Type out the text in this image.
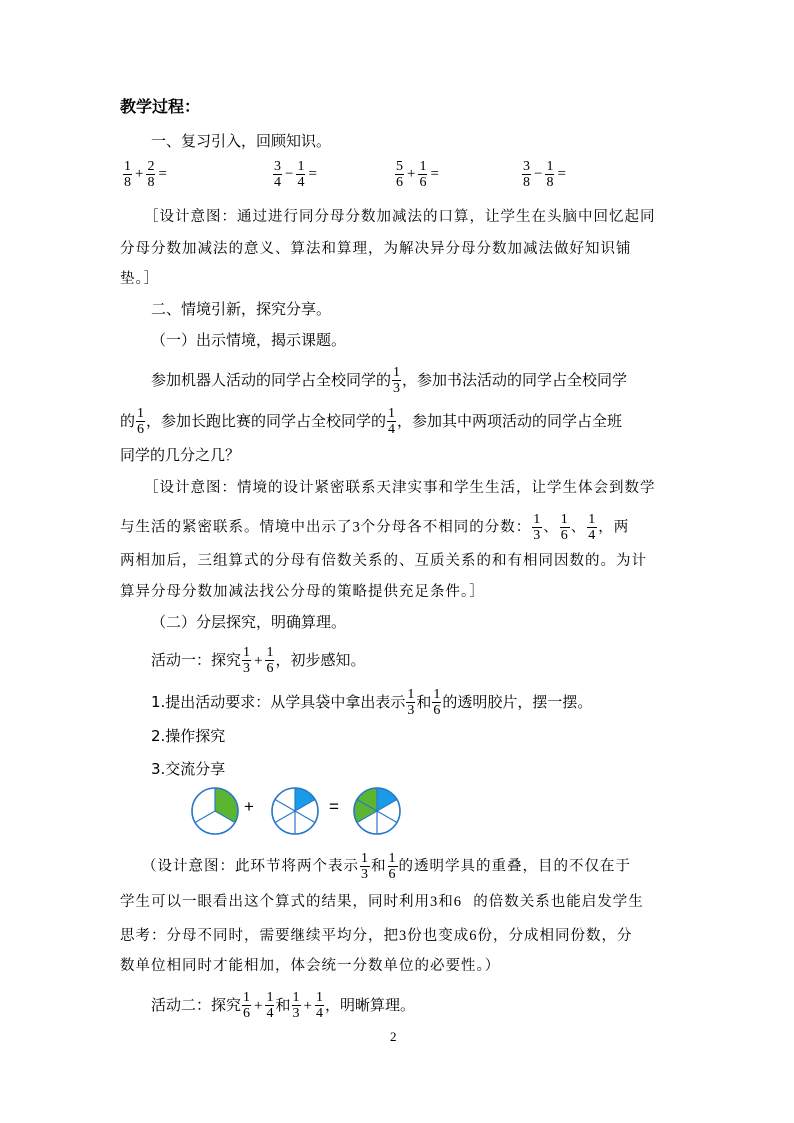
教学过程：
一、复习引入，回顾知识。
$\frac{1}{8} + \frac{2}{8}$ =	$\frac{3}{4} - \frac{1}{4}$ =	$\frac{5}{6} + \frac{1}{6}$ =	$\frac{3}{8} - \frac{1}{8}$ =
［设计意图：通过进行同分母分数加减法的口算，让学生在头脑中回忆起同
分母分数加减法的意义、算法和算理，为解决异分母分数加减法做好知识铺
垫。］
二、情境引新，探究分享。
（一）出示情境，揭示课题。
参加机器人活动的同学占全校同学的 $\frac{1}{3}$ ，参加书法活动的同学占全校同学
的 $\frac{1}{6}$ ，参加长跑比赛的同学占全校同学的 $\frac{1}{4}$ ，参加其中两项活动的同学占全班
同学的几分之几？
［设计意图：情境的设计紧密联系天津实事和学生生活，让学生体会到数学
与生活的紧密联系。情境中出示了3个分母各不相同的分数： $\frac{1}{3}$ 、 $\frac{1}{6}$ 、 $\frac{1}{4}$ ，两
两相加后，三组算式的分母有倍数关系的、互质关系的和有相同因数的。为计
算异分母分数加减法找公分母的策略提供充足条件。］
（二）分层探究，明确算理。
活动一：探究 $\frac{1}{3} + \frac{1}{6}$ ，初步感知。
1.提出活动要求：从学具袋中拿出表示 $\frac{1}{3}$ 和 $\frac{1}{6}$ 的透明胶片，摆一摆。
2.操作探究
3.交流分享
+	=
（设计意图：此环节将两个表示 $\frac{1}{3}$ 和 $\frac{1}{6}$ 的透明学具的重叠，目的不仅在于
学生可以一眼看出这个算式的结果，同时利用3和6 的倍数关系也能启发学生
思考：分母不同时，需要继续平均分，把3份也变成6份，分成相同份数，分
数单位相同时才能相加，体会统一分数单位的必要性。）
活动二：探究 $\frac{1}{6} + \frac{1}{4}$ 和 $\frac{1}{3} + \frac{1}{4}$ ，明晰算理。
2
